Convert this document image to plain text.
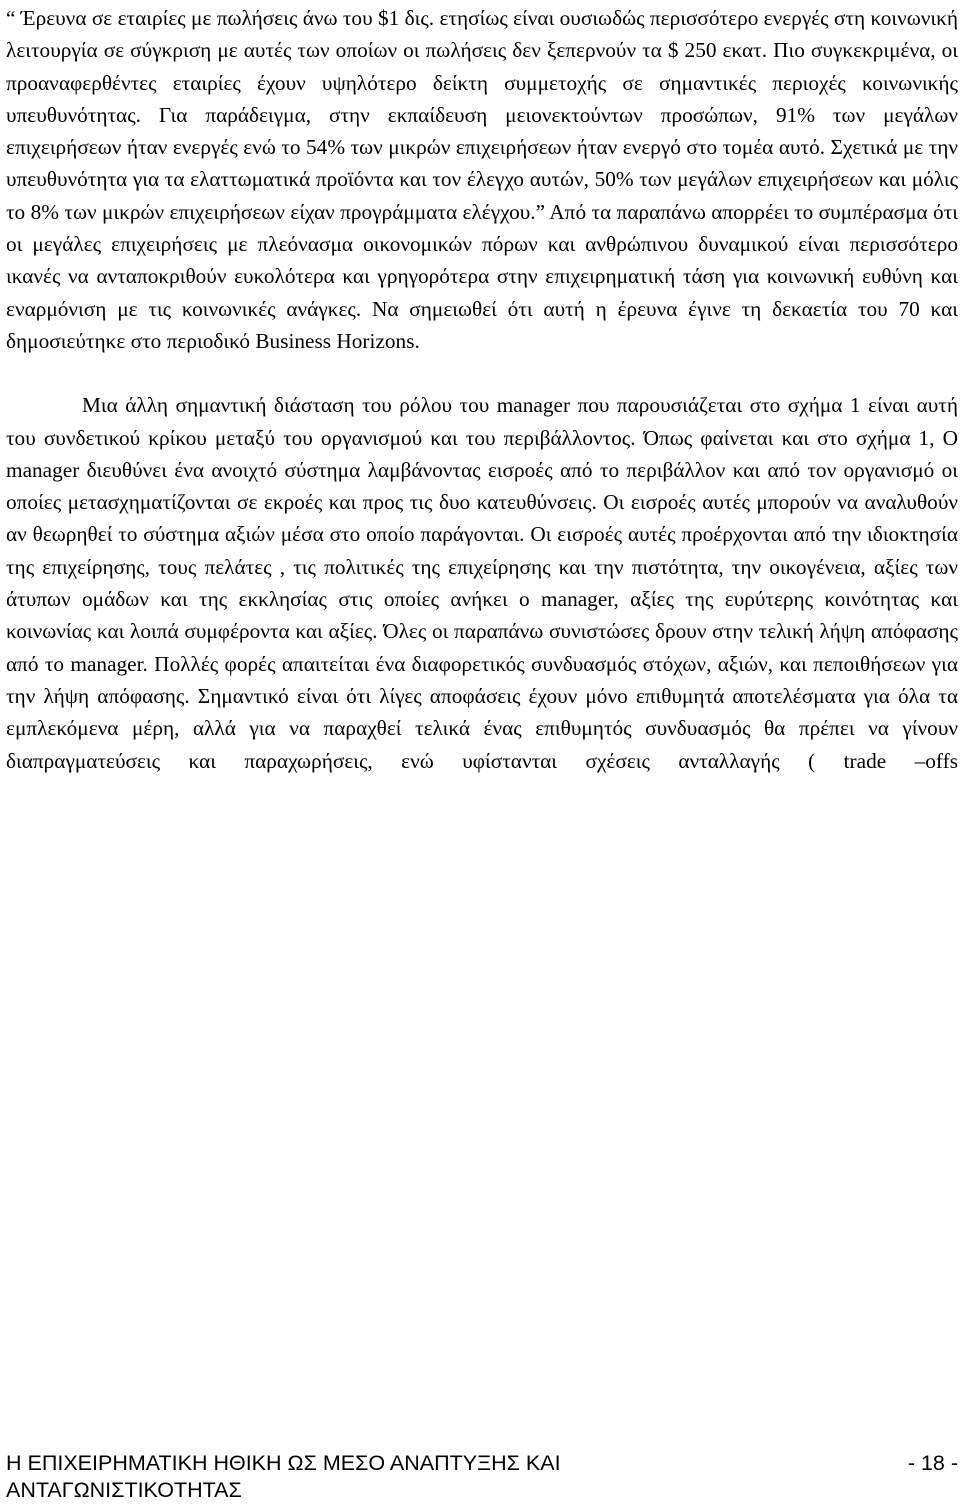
“ Έρευνα σε εταιρίες με πωλήσεις άνω του $1 δις. ετησίως είναι ουσιωδώς περισσότερο ενεργές στη κοινωνική λειτουργία σε σύγκριση με αυτές των οποίων οι πωλήσεις δεν ξεπερνούν τα $ 250 εκατ. Πιο συγκεκριμένα, οι προαναφερθέντες εταιρίες έχουν υψηλότερο δείκτη συμμετοχής σε σημαντικές περιοχές κοινωνικής υπευθυνότητας. Για παράδειγμα, στην εκπαίδευση μειονεκτούντων προσώπων, 91% των μεγάλων επιχειρήσεων ήταν ενεργές ενώ το 54% των μικρών επιχειρήσεων ήταν ενεργό στο τομέα αυτό. Σχετικά με την υπευθυνότητα για τα ελαττωματικά προϊόντα και τον έλεγχο αυτών, 50% των μεγάλων επιχειρήσεων και μόλις το 8% των μικρών επιχειρήσεων είχαν προγράμματα ελέγχου.” Από τα παραπάνω απορρέει το συμπέρασμα ότι οι μεγάλες επιχειρήσεις με πλεόνασμα οικονομικών πόρων και ανθρώπινου δυναμικού είναι περισσότερο ικανές να ανταποκριθούν ευκολότερα και γρηγορότερα στην επιχειρηματική τάση για κοινωνική ευθύνη και εναρμόνιση με τις κοινωνικές ανάγκες. Να σημειωθεί ότι αυτή η έρευνα έγινε τη δεκαετία του 70 και δημοσιεύτηκε στο περιοδικό Business Horizons.

Μια άλλη σημαντική διάσταση του ρόλου του manager που παρουσιάζεται στο σχήμα 1 είναι αυτή του συνδετικού κρίκου μεταξύ του οργανισμού και του περιβάλλοντος. Όπως φαίνεται και στο σχήμα 1, Ο manager διευθύνει ένα ανοιχτό σύστημα λαμβάνοντας εισροές από το περιβάλλον και από τον οργανισμό οι οποίες μετασχηματίζονται σε εκροές και προς τις δυο κατευθύνσεις. Οι εισροές αυτές μπορούν να αναλυθούν αν θεωρηθεί το σύστημα αξιών μέσα στο οποίο παράγονται. Οι εισροές αυτές προέρχονται από την ιδιοκτησία της επιχείρησης, τους πελάτες , τις πολιτικές της επιχείρησης και την πιστότητα, την οικογένεια, αξίες των άτυπων ομάδων και της εκκλησίας στις οποίες ανήκει ο manager, αξίες της ευρύτερης κοινότητας και κοινωνίας και λοιπά συμφέροντα και αξίες. Όλες οι παραπάνω συνιστώσες δρουν στην τελική λήψη απόφασης από το manager. Πολλές φορές απαιτείται ένα διαφορετικός συνδυασμός στόχων, αξιών, και πεποιθήσεων για την λήψη απόφασης. Σημαντικό είναι ότι λίγες αποφάσεις έχουν μόνο επιθυμητά αποτελέσματα για όλα τα εμπλεκόμενα μέρη, αλλά για να παραχθεί τελικά ένας επιθυμητός συνδυασμός θα πρέπει να γίνουν διαπραγματεύσεις και παραχωρήσεις, ενώ υφίστανται σχέσεις ανταλλαγής ( trade –offs

Η ΕΠΙΧΕΙΡΗΜΑΤΙΚΗ ΗΘΙΚΗ ΩΣ ΜΕΣΟ ΑΝΑΠΤΥΞΗΣ ΚΑΙ ΑΝΤΑΓΩΝΙΣΤΙΚΟΤΗΤΑΣ
- 18 -
